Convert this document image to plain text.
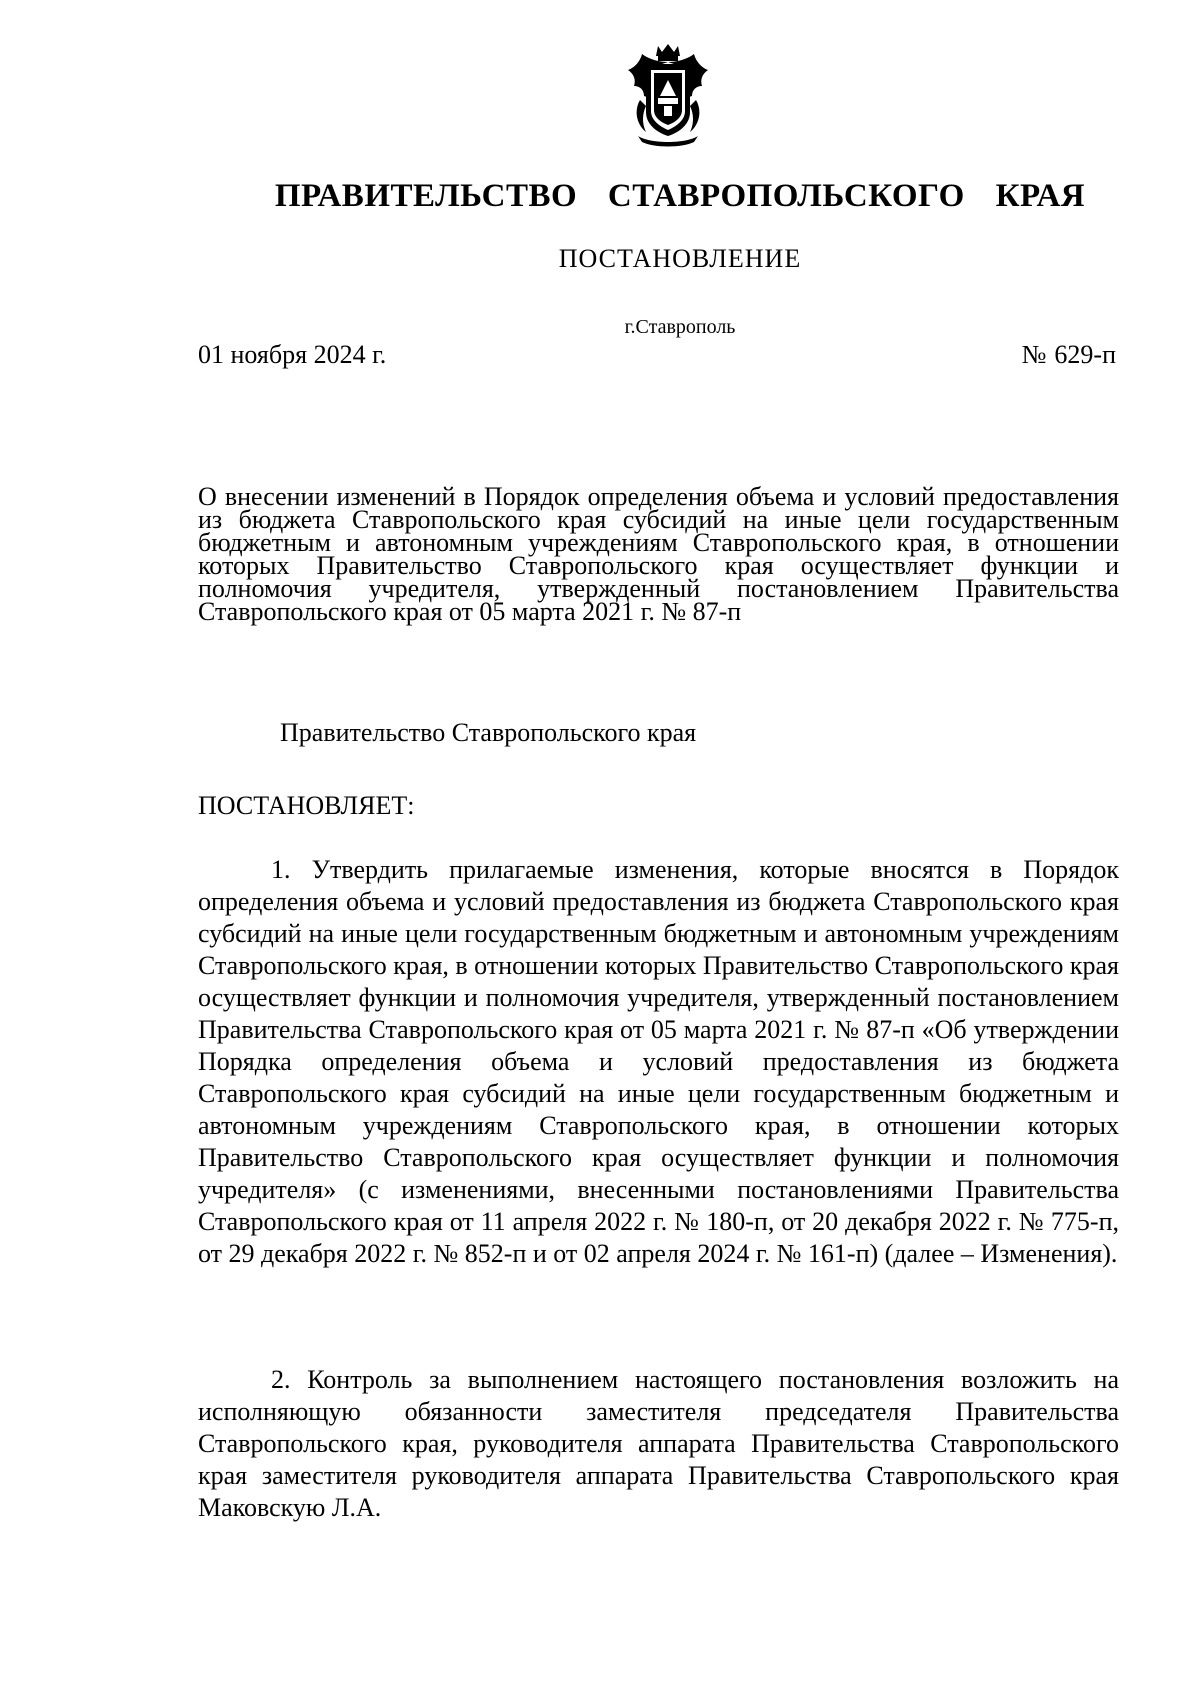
ПРАВИТЕЛЬСТВО СТАВРОПОЛЬСКОГО КРАЯ
ПОСТАНОВЛЕНИЕ
г.Ставрополь
01 ноября 2024 г.	№ 629-п
О внесении изменений в Порядок определения объема и условий предоставления из бюджета Ставропольского края субсидий на иные цели государственным бюджетным и автономным учреждениям Ставропольского края, в отношении которых Правительство Ставропольского края осуществляет функции и полномочия учредителя, утвержденный постановлением Правительства Ставропольского края от 05 марта 2021 г. № 87-п
Правительство Ставропольского края
ПОСТАНОВЛЯЕТ:
1. Утвердить прилагаемые изменения, которые вносятся в Порядок определения объема и условий предоставления из бюджета Ставропольского края субсидий на иные цели государственным бюджетным и автономным учреждениям Ставропольского края, в отношении которых Правительство Ставропольского края осуществляет функции и полномочия учредителя, утвержденный постановлением Правительства Ставропольского края от 05 марта 2021 г. № 87-п «Об утверждении Порядка определения объема и условий предоставления из бюджета Ставропольского края субсидий на иные цели государственным бюджетным и автономным учреждениям Ставропольского края, в отношении которых Правительство Ставропольского края осуществляет функции и полномочия учредителя» (с изменениями, внесенными постановлениями Правительства Ставропольского края от 11 апреля 2022 г. № 180-п, от 20 декабря 2022 г. № 775-п, от 29 декабря 2022 г. № 852-п и от 02 апреля 2024 г. № 161-п) (далее – Изменения).
2. Контроль за выполнением настоящего постановления возложить на исполняющую обязанности заместителя председателя Правительства Ставропольского края, руководителя аппарата Правительства Ставропольского края заместителя руководителя аппарата Правительства Ставропольского края Маковскую Л.А.
